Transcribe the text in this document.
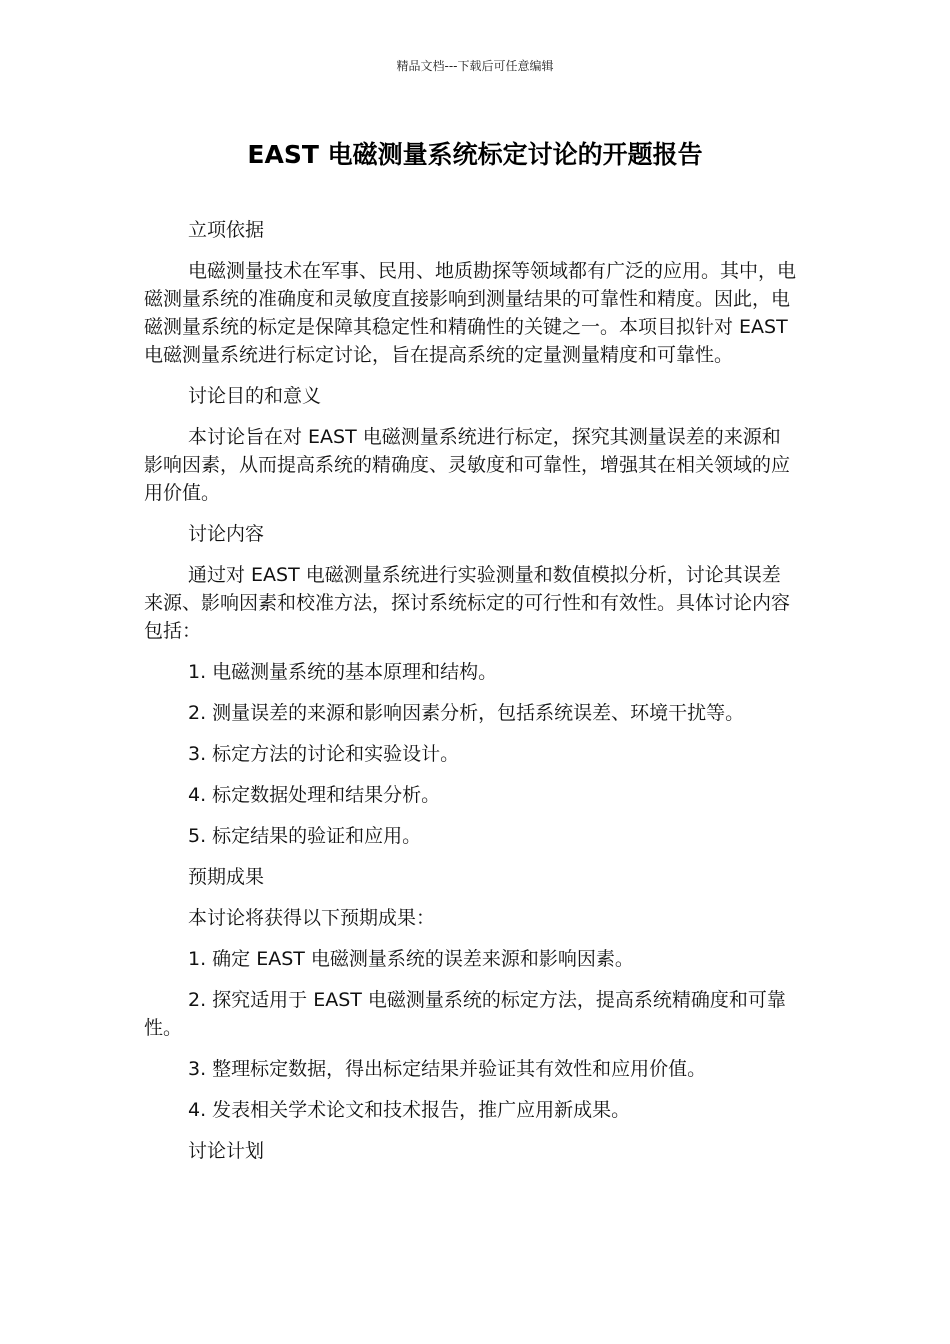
精品文档---下载后可任意编辑
EAST 电磁测量系统标定讨论的开题报告
立项依据
电磁测量技术在军事、民用、地质勘探等领域都有广泛的应用。其中，电磁测量系统的准确度和灵敏度直接影响到测量结果的可靠性和精度。因此，电磁测量系统的标定是保障其稳定性和精确性的关键之一。本项目拟针对 EAST 电磁测量系统进行标定讨论，旨在提高系统的定量测量精度和可靠性。
讨论目的和意义
本讨论旨在对 EAST 电磁测量系统进行标定，探究其测量误差的来源和影响因素，从而提高系统的精确度、灵敏度和可靠性，增强其在相关领域的应用价值。
讨论内容
通过对 EAST 电磁测量系统进行实验测量和数值模拟分析，讨论其误差来源、影响因素和校准方法，探讨系统标定的可行性和有效性。具体讨论内容包括：
1. 电磁测量系统的基本原理和结构。
2. 测量误差的来源和影响因素分析，包括系统误差、环境干扰等。
3. 标定方法的讨论和实验设计。
4. 标定数据处理和结果分析。
5. 标定结果的验证和应用。
预期成果
本讨论将获得以下预期成果：
1. 确定 EAST 电磁测量系统的误差来源和影响因素。
2. 探究适用于 EAST 电磁测量系统的标定方法，提高系统精确度和可靠性。
3. 整理标定数据，得出标定结果并验证其有效性和应用价值。
4. 发表相关学术论文和技术报告，推广应用新成果。
讨论计划
